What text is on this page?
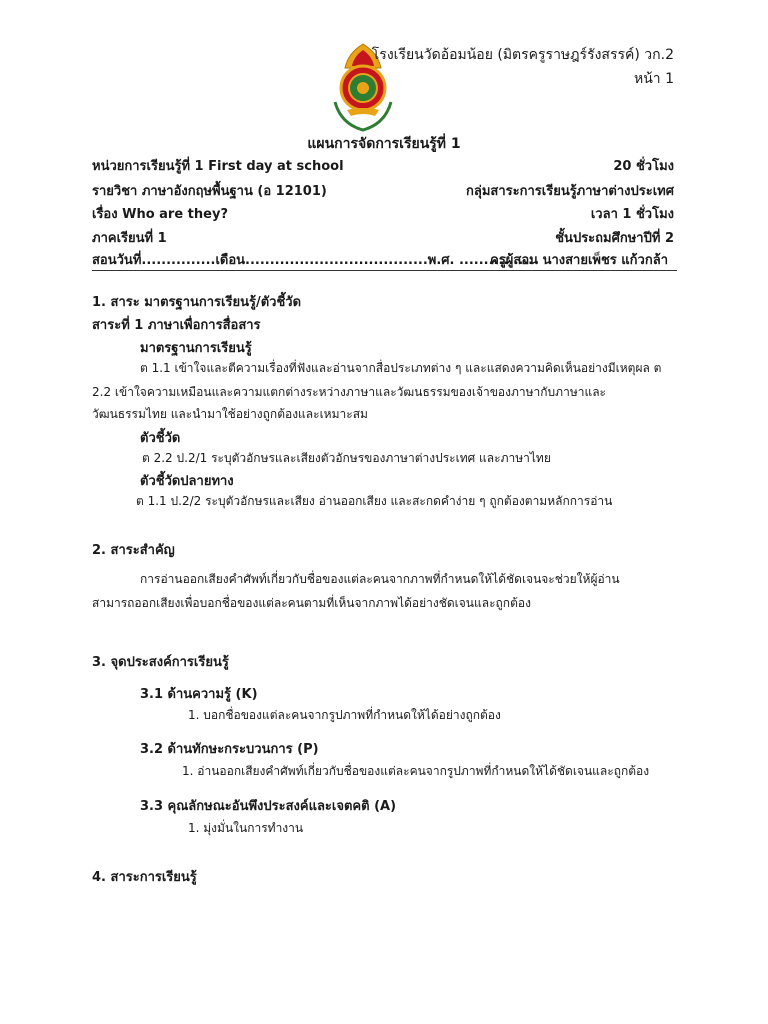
โรงเรียนวัดอ้อมน้อย (มิตรครูราษฎร์รังสรรค์) วก.2
หน้า 1
แผนการจัดการเรียนรู้ที่ 1
หน่วยการเรียนรู้ที่ 1 First day at school	20 ชั่วโมง
รายวิชา ภาษาอังกฤษพื้นฐาน (อ 12101)	กลุ่มสาระการเรียนรู้ภาษาต่างประเทศ
เรื่อง Who are they?	เวลา 1 ชั่วโมง
ภาคเรียนที่ 1	ชั้นประถมศึกษาปีที่ 2
สอนวันที่...............เดือน.....................................พ.ศ. ...............
ครูผู้สอน นางสายเพ็ชร แก้วกล้า
1. สาระ มาตรฐานการเรียนรู้/ตัวชี้วัด
สาระที่ 1 ภาษาเพื่อการสื่อสาร
มาตรฐานการเรียนรู้
ต 1.1 เข้าใจและตีความเรื่องที่ฟังและอ่านจากสื่อประเภทต่าง ๆ และแสดงความคิดเห็นอย่างมีเหตุผล ต
2.2 เข้าใจความเหมือนและความแตกต่างระหว่างภาษาและวัฒนธรรมของเจ้าของภาษากับภาษาและ
วัฒนธรรมไทย และนำมาใช้อย่างถูกต้องและเหมาะสม
ตัวชี้วัด
ต 2.2 ป.2/1 ระบุตัวอักษรและเสียงตัวอักษรของภาษาต่างประเทศ และภาษาไทย
ตัวชี้วัดปลายทาง
ต 1.1 ป.2/2 ระบุตัวอักษรและเสียง อ่านออกเสียง และสะกดคำง่าย ๆ ถูกต้องตามหลักการอ่าน
2. สาระสำคัญ
การอ่านออกเสียงคำศัพท์เกี่ยวกับชื่อของแต่ละคนจากภาพที่กำหนดให้ได้ชัดเจนจะช่วยให้ผู้อ่าน
สามารถออกเสียงเพื่อบอกชื่อของแต่ละคนตามที่เห็นจากภาพได้อย่างชัดเจนและถูกต้อง
3. จุดประสงค์การเรียนรู้
3.1 ด้านความรู้ (K)
1. บอกชื่อของแต่ละคนจากรูปภาพที่กำหนดให้ได้อย่างถูกต้อง
3.2 ด้านทักษะกระบวนการ (P)
1. อ่านออกเสียงคำศัพท์เกี่ยวกับชื่อของแต่ละคนจากรูปภาพที่กำหนดให้ได้ชัดเจนและถูกต้อง
3.3 คุณลักษณะอันพึงประสงค์และเจตคติ (A)
1. มุ่งมั่นในการทำงาน
4. สาระการเรียนรู้
